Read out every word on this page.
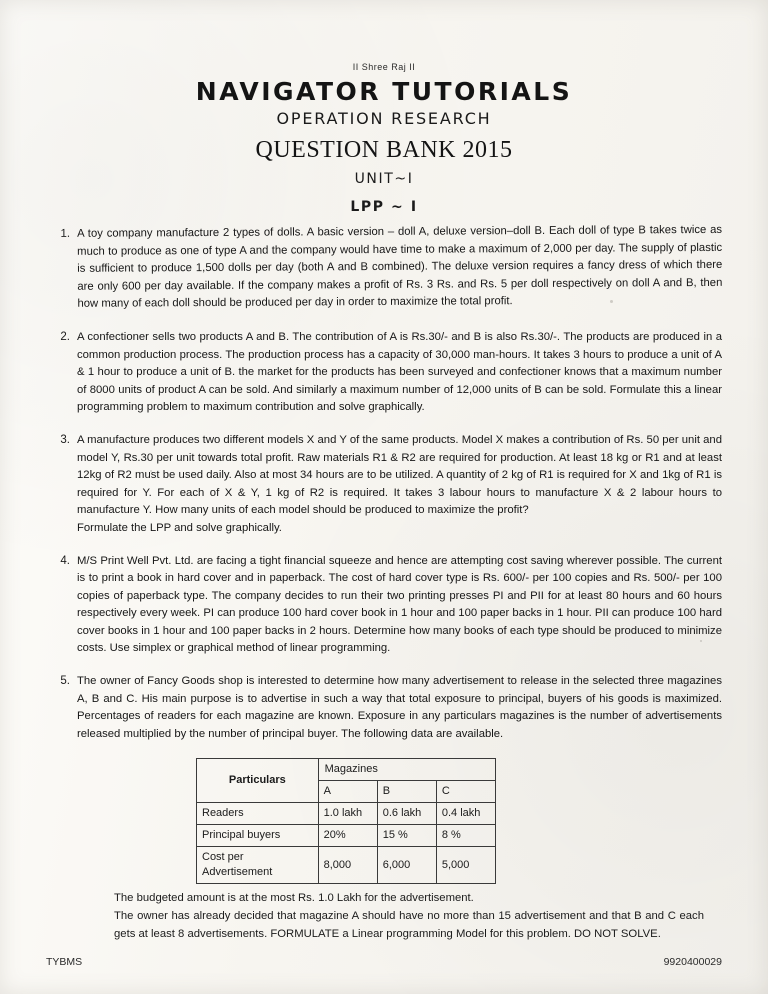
II Shree Raj II
NAVIGATOR TUTORIALS
OPERATION RESEARCH
QUESTION BANK 2015
UNIT~I
LPP ~ I
1. A toy company manufacture 2 types of dolls. A basic version – doll A, deluxe version–doll B. Each doll of type B takes twice as much to produce as one of type A and the company would have time to make a maximum of 2,000 per day. The supply of plastic is sufficient to produce 1,500 dolls per day (both A and B combined). The deluxe version requires a fancy dress of which there are only 600 per day available. If the company makes a profit of Rs. 3 Rs. and Rs. 5 per doll respectively on doll A and B, then how many of each doll should be produced per day in order to maximize the total profit.
2. A confectioner sells two products A and B. The contribution of A is Rs.30/- and B is also Rs.30/-. The products are produced in a common production process. The production process has a capacity of 30,000 man-hours. It takes 3 hours to produce a unit of A & 1 hour to produce a unit of B. the market for the products has been surveyed and confectioner knows that a maximum number of 8000 units of product A can be sold. And similarly a maximum number of 12,000 units of B can be sold. Formulate this a linear programming problem to maximum contribution and solve graphically.
3. A manufacture produces two different models X and Y of the same products. Model X makes a contribution of Rs. 50 per unit and model Y, Rs.30 per unit towards total profit. Raw materials R1 & R2 are required for production. At least 18 kg or R1 and at least 12kg of R2 must be used daily. Also at most 34 hours are to be utilized. A quantity of 2 kg of R1 is required for X and 1kg of R1 is required for Y. For each of X & Y, 1 kg of R2 is required. It takes 3 labour hours to manufacture X & 2 labour hours to manufacture Y. How many units of each model should be produced to maximize the profit?
Formulate the LPP and solve graphically.
4. M/S Print Well Pvt. Ltd. are facing a tight financial squeeze and hence are attempting cost saving wherever possible. The current is to print a book in hard cover and in paperback. The cost of hard cover type is Rs. 600/- per 100 copies and Rs. 500/- per 100 copies of paperback type. The company decides to run their two printing presses PI and PII for at least 80 hours and 60 hours respectively every week. PI can produce 100 hard cover book in 1 hour and 100 paper backs in 1 hour. PII can produce 100 hard cover books in 1 hour and 100 paper backs in 2 hours. Determine how many books of each type should be produced to minimize costs. Use simplex or graphical method of linear programming.
5. The owner of Fancy Goods shop is interested to determine how many advertisement to release in the selected three magazines A, B and C. His main purpose is to advertise in such a way that total exposure to principal, buyers of his goods is maximized. Percentages of readers for each magazine are known. Exposure in any particulars magazines is the number of advertisements released multiplied by the number of principal buyer. The following data are available.
Particulars	Magazines		
	A	B	C
Readers	1.0 lakh	0.6 lakh	0.4 lakh
Principal buyers	20%	15 %	8 %
Cost per Advertisement	8,000	6,000	5,000
The budgeted amount is at the most Rs. 1.0 Lakh for the advertisement.
The owner has already decided that magazine A should have no more than 15 advertisement and that B and C each gets at least 8 advertisements. FORMULATE a Linear programming Model for this problem. DO NOT SOLVE.
TYBMS	9920400029
